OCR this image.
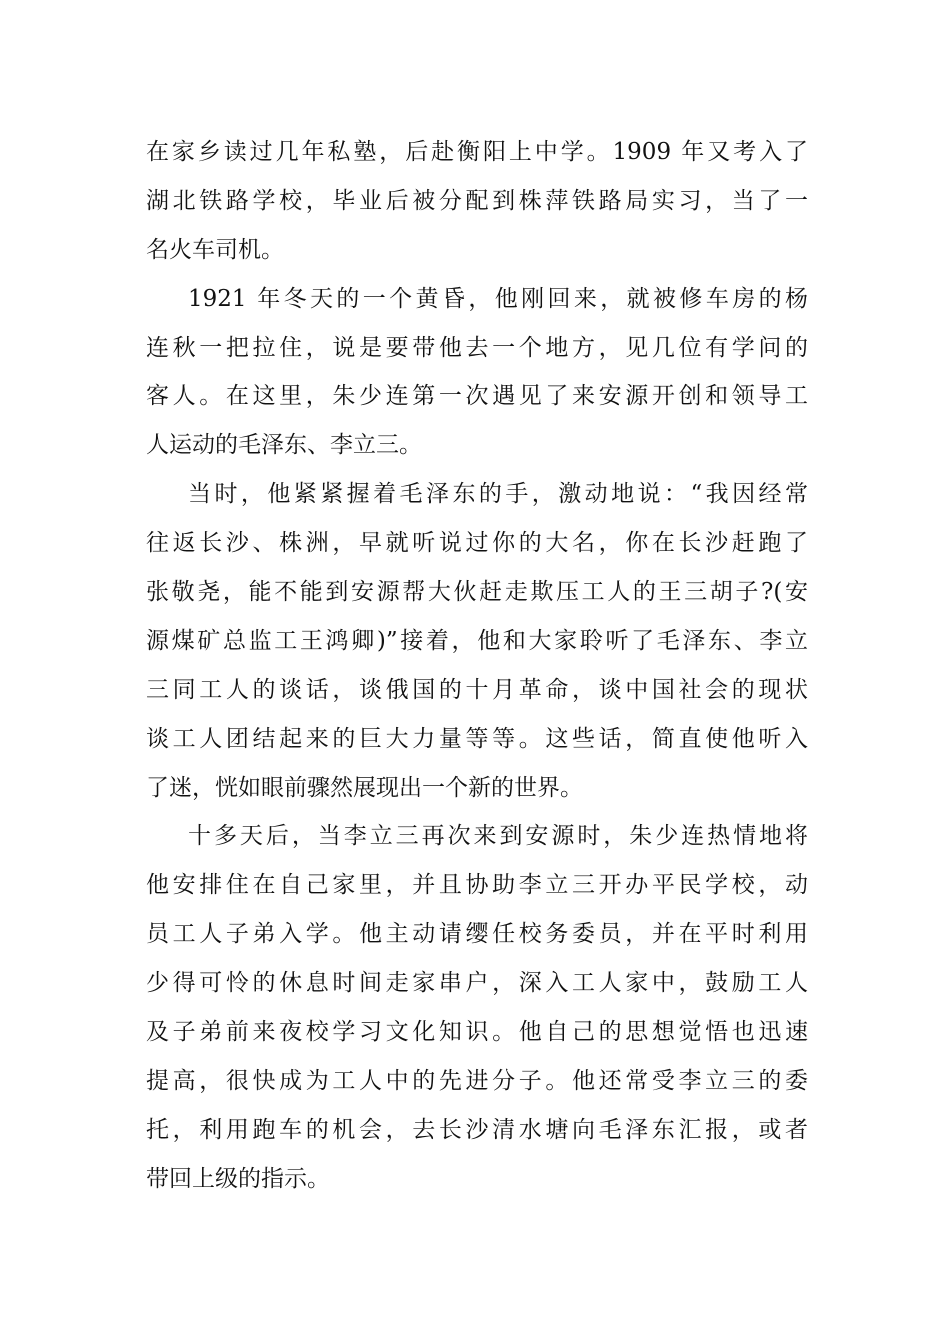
在家乡读过几年私塾，后赴衡阳上中学。1909 年又考入了
湖北铁路学校，毕业后被分配到株萍铁路局实习，当了一
名火车司机。
1921 年冬天的一个黄昏，他刚回来，就被修车房的杨
连秋一把拉住，说是要带他去一个地方，见几位有学问的
客人。在这里，朱少连第一次遇见了来安源开创和领导工
人运动的毛泽东、李立三。
当时，他紧紧握着毛泽东的手，激动地说：“我因经常
往返长沙、株洲，早就听说过你的大名，你在长沙赶跑了
张敬尧，能不能到安源帮大伙赶走欺压工人的王三胡子?(安
源煤矿总监工王鸿卿)”接着，他和大家聆听了毛泽东、李立
三同工人的谈话，谈俄国的十月革命，谈中国社会的现状
谈工人团结起来的巨大力量等等。这些话，简直使他听入
了迷，恍如眼前骤然展现出一个新的世界。
十多天后，当李立三再次来到安源时，朱少连热情地将
他安排住在自己家里，并且协助李立三开办平民学校，动
员工人子弟入学。他主动请缨任校务委员，并在平时利用
少得可怜的休息时间走家串户，深入工人家中，鼓励工人
及子弟前来夜校学习文化知识。他自己的思想觉悟也迅速
提高，很快成为工人中的先进分子。他还常受李立三的委
托，利用跑车的机会，去长沙清水塘向毛泽东汇报，或者
带回上级的指示。
